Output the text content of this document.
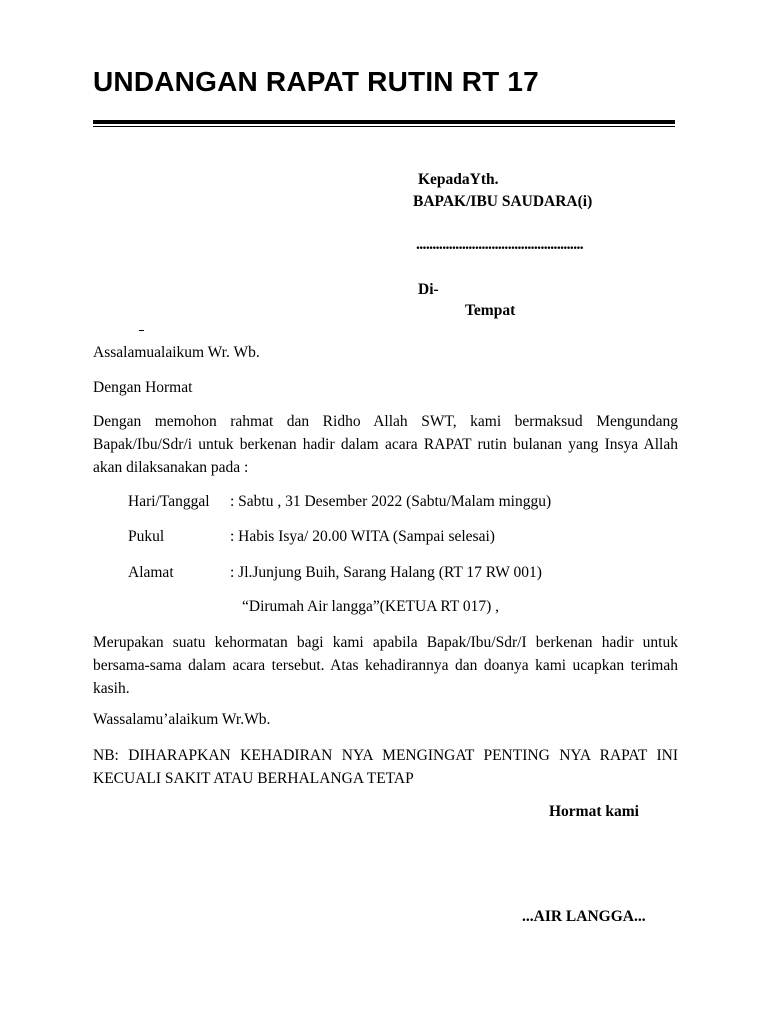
UNDANGAN RAPAT RUTIN RT 17
KepadaYth.
BAPAK/IBU SAUDARA(i)
...................................................
Di-
Tempat
Assalamualaikum Wr. Wb.
Dengan Hormat
Dengan memohon rahmat dan Ridho Allah SWT, kami bermaksud Mengundang Bapak/Ibu/Sdr/i untuk berkenan hadir dalam acara RAPAT rutin bulanan yang Insya Allah akan dilaksanakan pada :
Hari/Tanggal : Sabtu , 31 Desember 2022 (Sabtu/Malam minggu)
Pukul	: Habis Isya/ 20.00 WITA (Sampai selesai)
Alamat	: Jl.Junjung Buih, Sarang Halang (RT 17 RW 001)
“Dirumah Air langga”(KETUA RT 017) ,
Merupakan suatu kehormatan bagi kami apabila Bapak/Ibu/Sdr/I berkenan hadir untuk bersama-sama dalam acara tersebut. Atas kehadirannya dan doanya kami ucapkan terimah kasih.
Wassalamu’alaikum Wr.Wb.
NB: DIHARAPKAN KEHADIRAN NYA MENGINGAT PENTING NYA RAPAT INI KECUALI SAKIT ATAU BERHALANGA TETAP
Hormat kami
...AIR LANGGA...
